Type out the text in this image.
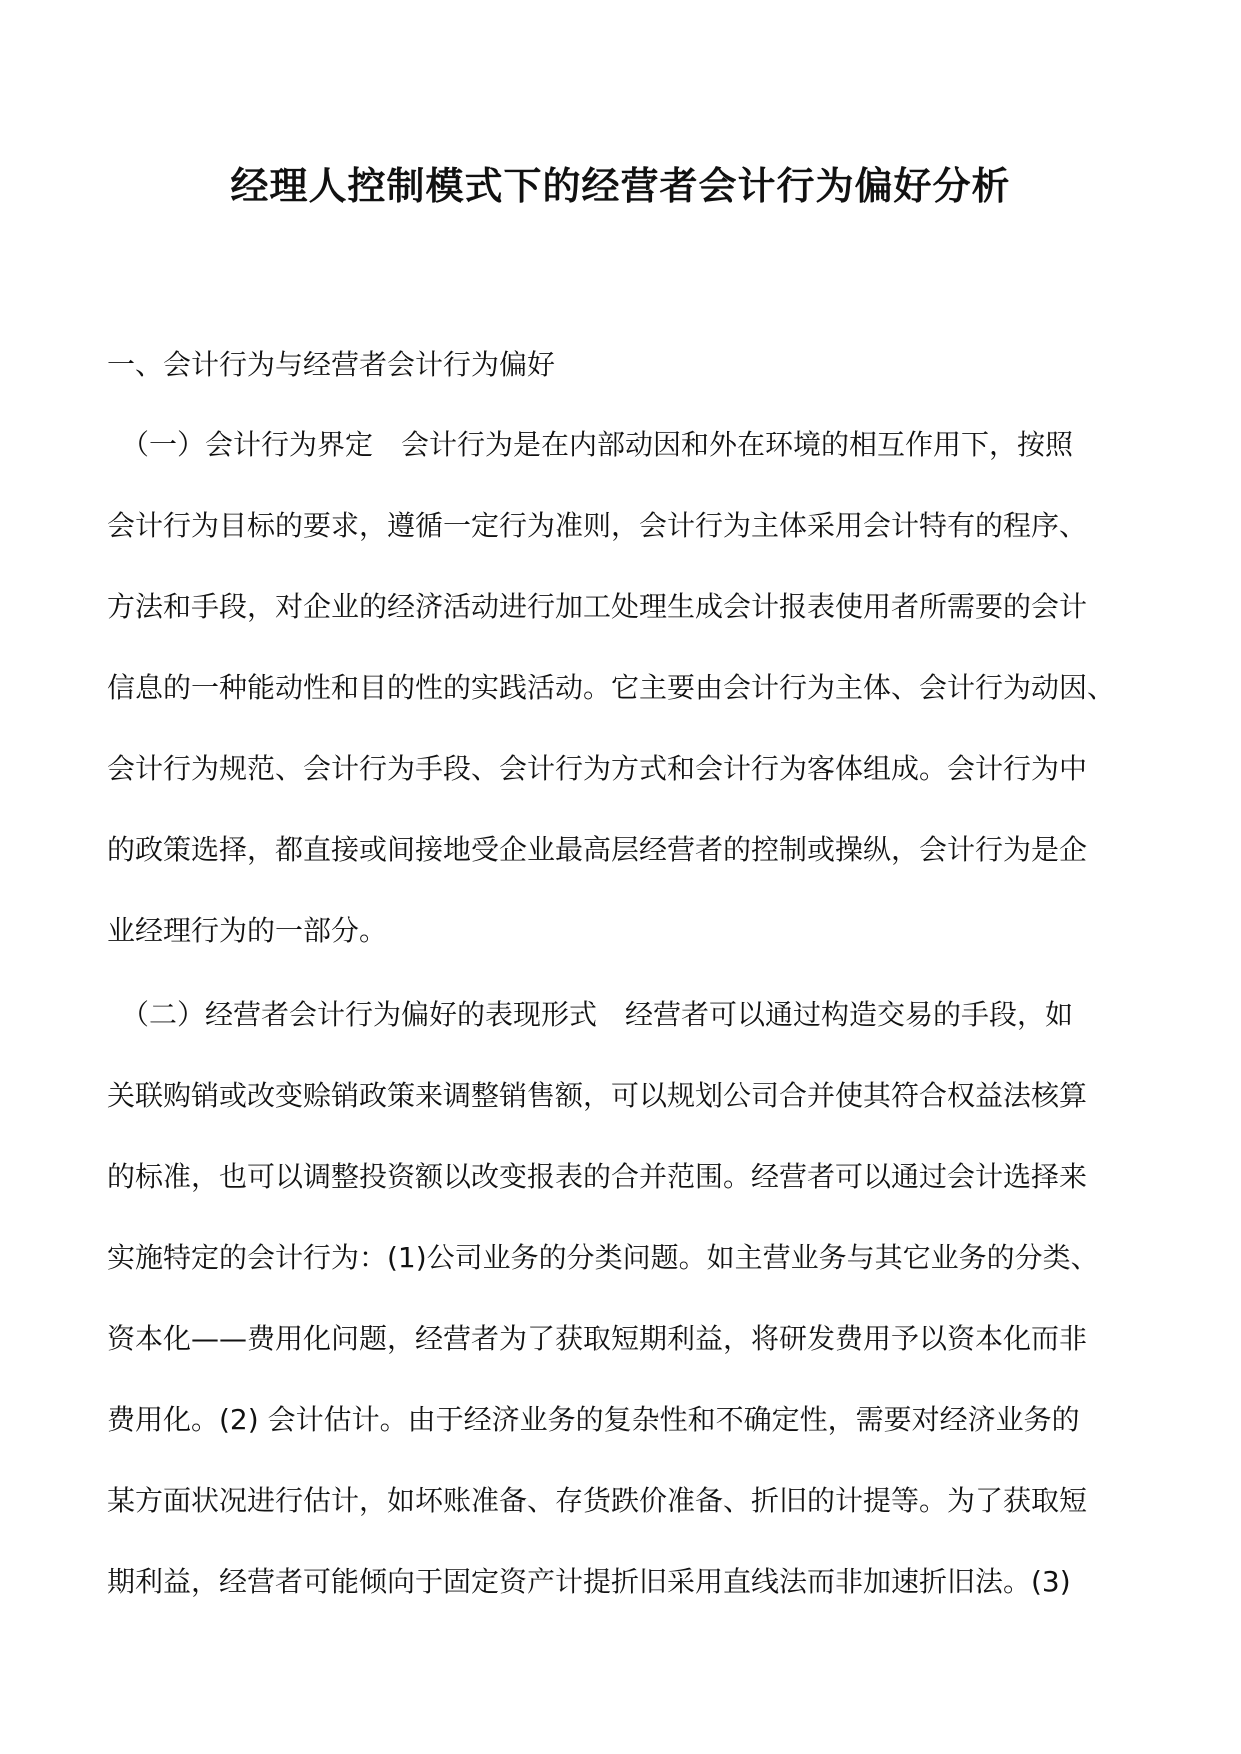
经理人控制模式下的经营者会计行为偏好分析
一、会计行为与经营者会计行为偏好
　（一）会计行为界定　会计行为是在内部动因和外在环境的相互作用下，按照
会计行为目标的要求，遵循一定行为准则，会计行为主体采用会计特有的程序、
方法和手段，对企业的经济活动进行加工处理生成会计报表使用者所需要的会计
信息的一种能动性和目的性的实践活动。它主要由会计行为主体、会计行为动因、
会计行为规范、会计行为手段、会计行为方式和会计行为客体组成。会计行为中
的政策选择，都直接或间接地受企业最高层经营者的控制或操纵，会计行为是企
业经理行为的一部分。
　（二）经营者会计行为偏好的表现形式　经营者可以通过构造交易的手段，如
关联购销或改变赊销政策来调整销售额，可以规划公司合并使其符合权益法核算
的标准，也可以调整投资额以改变报表的合并范围。经营者可以通过会计选择来
实施特定的会计行为：(1)公司业务的分类问题。如主营业务与其它业务的分类、
资本化——费用化问题，经营者为了获取短期利益，将研发费用予以资本化而非
费用化。(2) 会计估计。由于经济业务的复杂性和不确定性，需要对经济业务的
某方面状况进行估计，如坏账准备、存货跌价准备、折旧的计提等。为了获取短
期利益，经营者可能倾向于固定资产计提折旧采用直线法而非加速折旧法。(3)
